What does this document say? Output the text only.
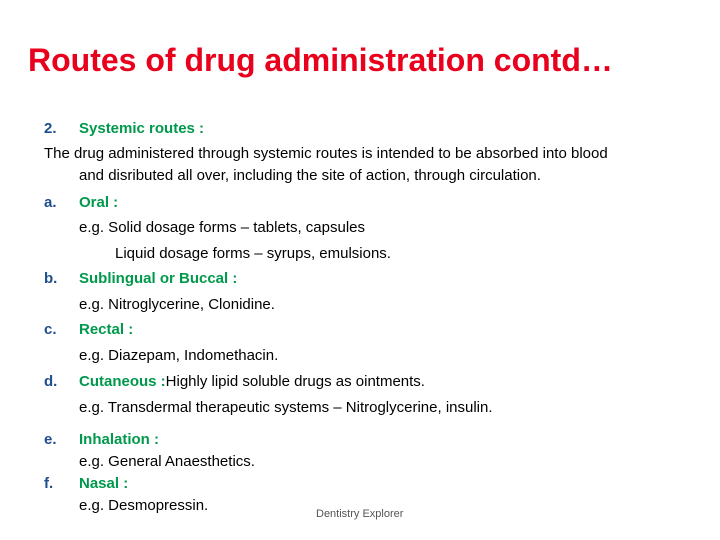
Routes of drug administration contd…
2. Systemic routes :
The drug administered through systemic routes is intended to be absorbed into blood
and disributed all over, including the site of action, through circulation.
a. Oral :
e.g. Solid dosage forms – tablets, capsules
Liquid dosage forms – syrups, emulsions.
b. Sublingual or Buccal :
e.g. Nitroglycerine, Clonidine.
c. Rectal :
e.g. Diazepam, Indomethacin.
d. Cutaneous :Highly lipid soluble drugs as ointments.
e.g. Transdermal therapeutic systems – Nitroglycerine, insulin.
e. Inhalation :
e.g. General Anaesthetics.
f. Nasal :
e.g. Desmopressin.	Dentistry Explorer
